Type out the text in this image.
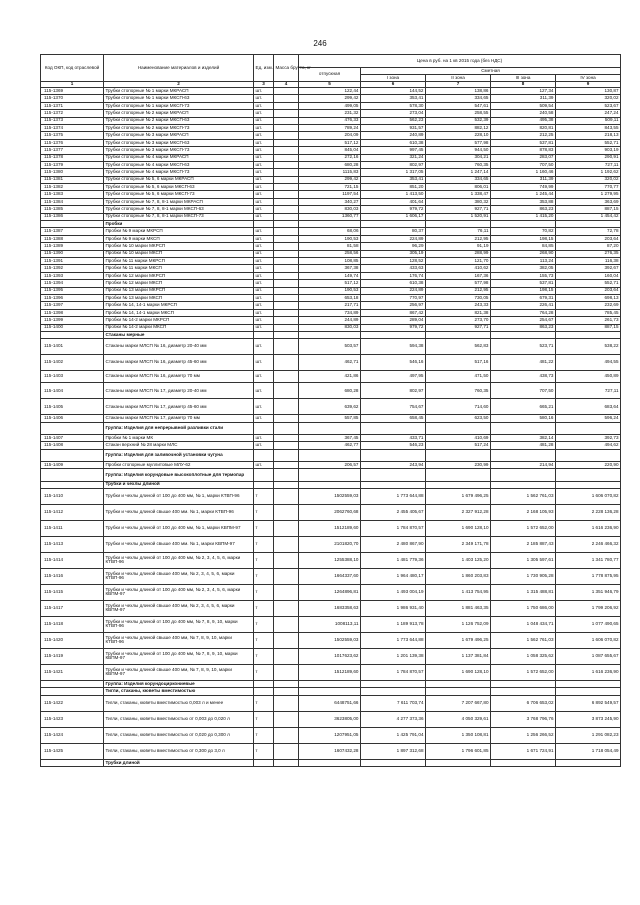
246
Код ОКП, код отраслевой	Наименование материалов и изделий	Ед. изм.	Масса брутто, кг	Цена в руб. на 1 кв 2015 года (без НДС)				
				отпускная	Сметная			
					I зона	II зона	III зона	IV зона
1	2	3	4	5	6	7	8	9
115-1369	Трубки стопорные № 1 марки МКРАСП	шт.		122,44	144,52	138,86	127,34	130,87
115-1370	Трубки стопорные № 1 марки МКСП-63	шт.		299,42	353,41	334,65	311,39	320,02
115-1371	Трубки стопорные № 1 марки МКСП-73	шт.		499,05	578,30	547,61	509,54	523,67
115-1372	Трубки стопорные № 2 марки МКРАСП	шт.		231,32	273,04	258,55	240,58	247,24
115-1373	Трубки стопорные № 2 марки МКСП-63	шт.		476,33	562,23	532,39	495,38	509,11
115-1374	Трубки стопорные № 2 марки МКСП-73	шт.		789,24	931,57	882,12	820,81	843,55
115-1375	Трубки стопорные № 3 марки МКРАСП	шт.		204,09	240,89	228,10	212,25	218,13
115-1376	Трубки стопорные № 3 марки МКСП-63	шт.		517,12	610,38	577,98	537,81	552,71
115-1377	Трубки стопорные № 3 марки МКСП-73	шт.		845,04	997,45	944,50	878,83	903,19
115-1378	Трубки стопорные № 4 марки МКРАСП	шт.		272,16	321,24	304,21	283,07	290,91
115-1379	Трубки стопорные № 4 марки МКСП-63	шт.		680,28	802,97	760,35	707,50	727,11
115-1380	Трубки стопорные № 4 марки МКСП-73	шт.		1115,83	1 317,05	1 247,14	1 160,46	1 192,62
115-1381	Трубки стопорные № 5, 6 марки МКРАСП	шт.		299,42	353,41	334,65	311,39	320,02
115-1382	Трубки стопорные № 5, 6 марки МКСП-63	шт.		721,15	851,20	806,01	749,99	770,77
115-1383	Трубки стопорные № 5, 6 марки МКСП-73	шт.		1197,54	1 413,50	1 338,47	1 245,44	1 279,95
115-1384	Трубки стопорные № 7, 8, 8-1 марки МКРАСП	шт.		340,27	401,64	380,32	353,88	363,69
115-1385	Трубки стопорные № 7, 8, 8-1 марки МКСП-63	шт.		830,03	979,72	927,71	863,23	887,15
115-1386	Трубки стопорные № 7, 8, 8-1 марки МКСП-73	шт.		1360,77	1 606,17	1 520,91	1 415,20	1 454,42
	Пробки							
115-1387	Пробки № 9 марки МКРСП	шт.		68,06	80,37	76,11	70,82	72,78
115-1388	Пробки № 9 марки МКСП	шт.		190,53	224,89	212,95	198,15	203,64
115-1389	Пробки № 10 марки МКРСП	шт.		81,58	96,29	91,19	84,85	87,20
115-1390	Пробки № 10 марки МКСП	шт.		258,56	305,19	288,99	268,90	276,35
115-1391	Пробки № 11 марки МКРСП	шт.		108,85	128,52	121,70	113,24	116,38
115-1392	Пробки № 11 марки МКСП	шт.		367,38	433,63	410,62	382,05	392,67
115-1393	Пробки № 12 марки МКРСП	шт.		149,74	176,74	167,36	155,73	160,04
115-1394	Пробки № 12 марки МКСП	шт.		517,12	610,38	577,98	537,81	552,71
115-1395	Пробки № 13 марки МКРСП	шт.		190,53	224,89	212,95	198,15	203,64
115-1396	Пробки № 13 марки МКСП	шт.		653,18	770,97	730,05	679,31	698,13
115-1397	Пробки № 14, 14-1 марки МКРСП	шт.		217,71	256,97	243,33	226,41	232,69
115-1398	Пробки № 14, 14-1 марки МКСП	шт.		734,89	867,42	821,38	764,28	785,45
115-1399	Пробки № 14-2 марки МКРСП	шт.		244,89	289,04	273,70	254,67	261,73
115-1400	Пробки № 14-2 марки МКСП	шт.		830,03	979,72	927,71	863,23	887,15
	Стаканы мерные							
115-1401	Стаканы марки МЛСП № 16, диаметр 20-40 мм	шт.		503,57	594,38	562,83	523,71	538,22
115-1402	Стаканы марки МЛСП № 16, диаметр 45-60 мм	шт.		462,71	546,16	517,16	481,22	494,55
115-1403	Стаканы марки МЛСП № 16, диаметр 70 мм	шт.		421,86	497,95	471,50	438,73	450,89
115-1404	Стаканы марки МЛСП № 17, диаметр 20-40 мм	шт.		680,28	802,97	760,35	707,50	727,11
115-1405	Стаканы марки МЛСП № 17, диаметр 45-60 мм	шт.		639,62	754,67	714,60	665,21	683,64
115-1406	Стаканы марки МЛСП № 17, диаметр 70 мм	шт.		557,85	658,45	623,50	580,16	596,24
	Группа: Изделия для непрерывной разливки стали							
115-1407	Пробки № 1 марки МК	шт.		367,45	433,71	410,69	382,14	392,73
115-1408	Стакан верхний № 28 марки МЛС	шт.		462,77	546,23	517,24	481,28	494,62
	Группа: Изделия для заливочной установки чугуна							
115-1409	Пробки стопорные муллитовые МЛУ-62	шт.		206,57	243,94	230,99	214,94	220,90
	Группа: Изделия корундовые высокоплотные для термопар							
	Трубки и чехлы длиной							
115-1410	Трубки и чехлы длиной от 100 до 400 мм, № 1, марки КТВП-96	т		1502559,03	1 773 644,88	1 679 496,25	1 562 761,03	1 606 070,82
115-1412	Трубки и чехлы длиной свыше 400 мм. № 1, марки КТВП-96	т		2062760,68	2 455 405,67	2 327 912,28	2 168 105,93	2 228 136,28
115-1411	Трубки и чехлы длиной от 100 до 400 мм, № 1, марки КВПМ-97	т		1512189,60	1 784 870,57	1 690 128,10	1 572 652,00	1 616 236,90
115-1413	Трубки и чехлы длиной свыше 400 мм. № 1, марки КВПМ-97	т		2101820,70	2 480 867,90	2 349 171,78	2 185 887,43	2 246 466,32
115-1414	Трубки и чехлы длиной от 100 до 400 мм, № 2, 3, 4, 5, 6, марки КТВП-96	т		1255388,10	1 481 779,36	1 403 125,20	1 305 597,61	1 341 780,77
115-1416	Трубки и чехлы длиной свыше 400 мм, № 2, 3, 4, 5, 6, марки КТВП-96	т		1664337,60	1 964 480,17	1 860 203,83	1 730 905,28	1 778 875,95
115-1415	Трубки и чехлы длиной от 100 до 400 мм, № 2, 3, 4, 5, 6, марки КВПМ-97	т		1264896,81	1 493 004,19	1 413 754,95	1 315 488,81	1 351 946,79
115-1417	Трубки и чехлы длиной свыше 400 мм, № 2, 3, 4, 5, 6, марки КВПМ-97	т		1683358,63	1 986 931,40	1 881 463,35	1 750 686,00	1 799 206,92
115-1418	Трубки и чехлы длиной от 100 до 400 мм, № 7, 8, 9, 10, марки КТВП-96	т		1008113,11	1 189 913,78	1 126 752,09	1 048 434,71	1 077 490,65
115-1420	Трубки и чехлы длиной свыше 400 мм, № 7, 8, 9, 10, марки КТВП-96	т		1502559,03	1 773 644,88	1 679 496,25	1 562 761,03	1 606 070,82
115-1419	Трубки и чехлы длиной от 100 до 400 мм, № 7, 8, 9, 10, марки КВПМ-97	т		1017623,62	1 201 139,38	1 137 381,84	1 058 325,62	1 087 655,67
115-1421	Трубки и чехлы длиной свыше 400 мм, № 7, 8, 9, 10, марки КВПМ-97	т		1512189,60	1 784 870,57	1 690 128,10	1 572 652,00	1 616 236,90
	Группа: Изделия корундоциркониевые							
	Тигли, стаканы, кюветы вместимостью							
115-1422	Тигли, стаканы, кюветы вместимостью 0,003 л и менее	т		6448751,66	7 611 703,74	7 207 667,80	6 706 653,02	6 892 549,57
115-1423	Тигли, стаканы, кюветы вместимостью от 0,003 до 0,020 л	т		3623805,00	4 277 373,36	4 050 329,61	3 768 796,76	3 873 245,90
115-1424	Тигли, стаканы, кюветы вместимостью от 0,020 до 0,300 л	т		1207951,05	1 425 791,04	1 350 108,81	1 256 266,52	1 291 082,23
115-1425	Тигли, стаканы, кюветы вместимостью от 0,300 до 3,0 л	т		1607432,28	1 897 312,68	1 796 601,85	1 671 724,91	1 718 054,49
	Трубки длиной							
